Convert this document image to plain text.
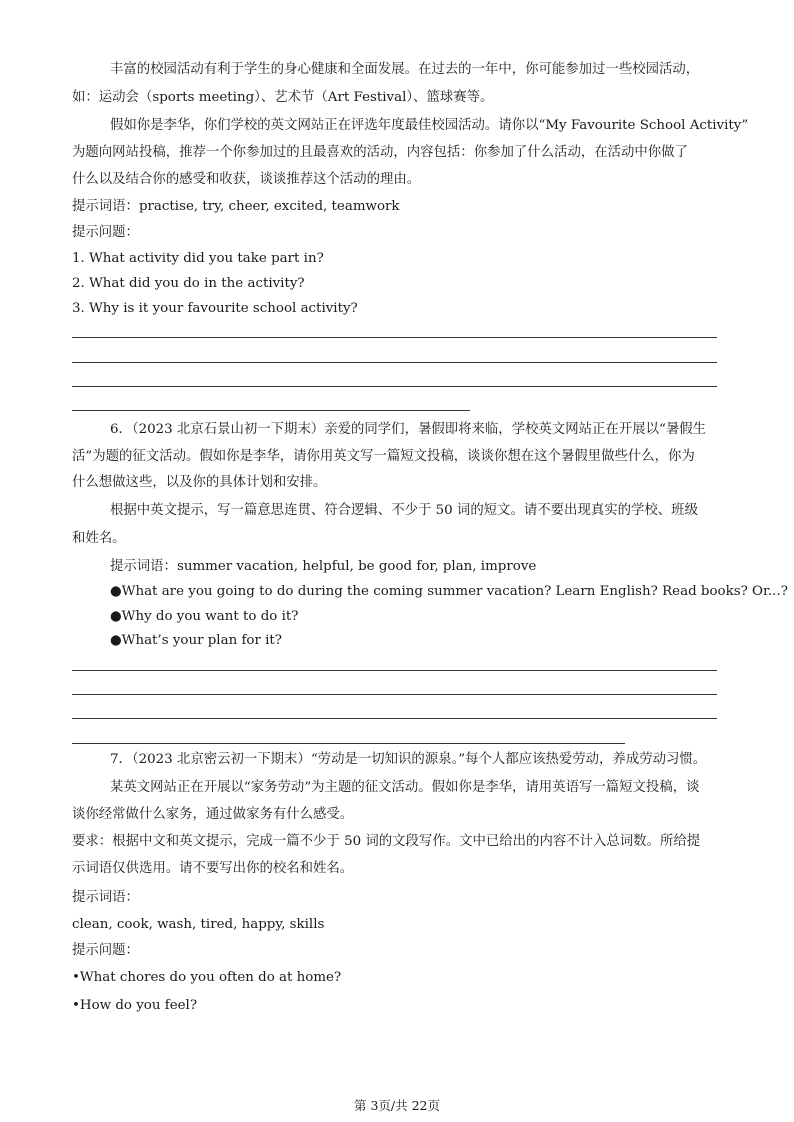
丰富的校园活动有利于学生的身心健康和全面发展。在过去的一年中，你可能参加过一些校园活动，
如：运动会（sports meeting）、艺术节（Art Festival）、篮球赛等。
假如你是李华，你们学校的英文网站正在评选年度最佳校园活动。请你以“My Favourite School Activity”
为题向网站投稿，推荐一个你参加过的且最喜欢的活动，内容包括：你参加了什么活动，在活动中你做了
什么以及结合你的感受和收获，谈谈推荐这个活动的理由。
提示词语：practise, try, cheer, excited, teamwork
提示问题：
1. What activity did you take part in?
2. What did you do in the activity?
3. Why is it your favourite school activity?
6．（2023 北京石景山初一下期末）亲爱的同学们，暑假即将来临，学校英文网站正在开展以“暑假生
活”为题的征文活动。假如你是李华，请你用英文写一篇短文投稿，谈谈你想在这个暑假里做些什么，你为
什么想做这些，以及你的具体计划和安排。
根据中英文提示，写一篇意思连贯、符合逻辑、不少于 50 词的短文。请不要出现真实的学校、班级
和姓名。
提示词语：summer vacation, helpful, be good for, plan, improve
●What are you going to do during the coming summer vacation? Learn English? Read books? Or...?
●Why do you want to do it?
●What’s your plan for it?
7．（2023 北京密云初一下期末）“劳动是一切知识的源泉。”每个人都应该热爱劳动，养成劳动习惯。
某英文网站正在开展以“家务劳动”为主题的征文活动。假如你是李华，请用英语写一篇短文投稿，谈
谈你经常做什么家务，通过做家务有什么感受。
要求：根据中文和英文提示，完成一篇不少于 50 词的文段写作。文中已给出的内容不计入总词数。所给提
示词语仅供选用。请不要写出你的校名和姓名。
提示词语：
clean, cook, wash, tired, happy, skills
提示问题：
•What chores do you often do at home?
•How do you feel?
第 3页/共 22页
